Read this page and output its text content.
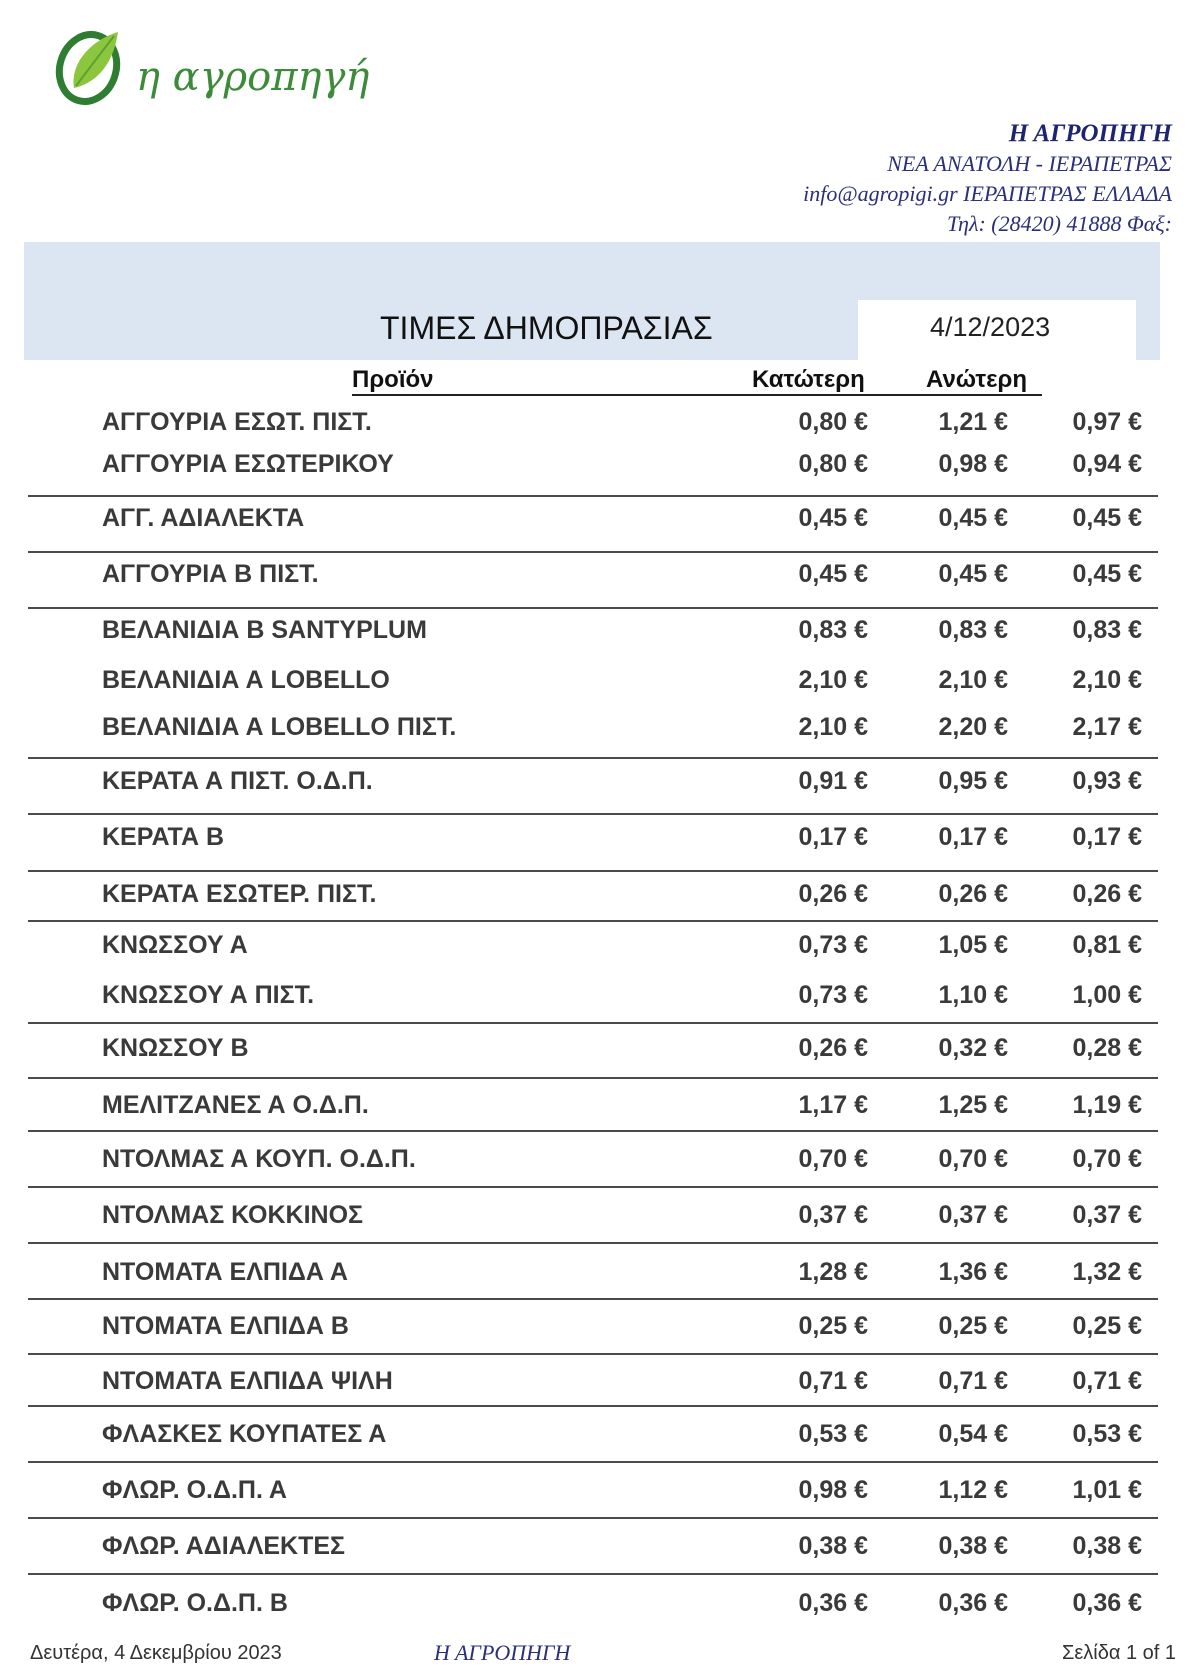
η αγροπηγή
Η ΑΓΡΟΠΗΓΗ
ΝΕΑ ΑΝΑΤΟΛΗ - ΙΕΡΑΠΕΤΡΑΣ
info@agropigi.gr ΙΕΡΑΠΕΤΡΑΣ ΕΛΛΑΔΑ
Τηλ: (28420) 41888 Φαξ:
ΤΙΜΕΣ ΔΗΜΟΠΡΑΣΙΑΣ	4/12/2023
Προϊόν	Κατώτερη	Ανώτερη
ΑΓΓΟΥΡΙΑ ΕΣΩΤ. ΠΙΣΤ.	0,80 €	1,21 €	0,97 €
ΑΓΓΟΥΡΙΑ ΕΣΩΤΕΡΙΚΟΥ	0,80 €	0,98 €	0,94 €
ΑΓΓ. ΑΔΙΑΛΕΚΤΑ	0,45 €	0,45 €	0,45 €
ΑΓΓΟΥΡΙΑ Β ΠΙΣΤ.	0,45 €	0,45 €	0,45 €
ΒΕΛΑΝΙΔΙΑ Β SANTYPLUM	0,83 €	0,83 €	0,83 €
ΒΕΛΑΝΙΔΙΑ Α LOBELLO	2,10 €	2,10 €	2,10 €
ΒΕΛΑΝΙΔΙΑ Α LOBELLO ΠΙΣΤ.	2,10 €	2,20 €	2,17 €
ΚΕΡΑΤΑ Α ΠΙΣΤ. Ο.Δ.Π.	0,91 €	0,95 €	0,93 €
ΚΕΡΑΤΑ Β	0,17 €	0,17 €	0,17 €
ΚΕΡΑΤΑ ΕΣΩΤΕΡ. ΠΙΣΤ.	0,26 €	0,26 €	0,26 €
ΚΝΩΣΣΟΥ Α	0,73 €	1,05 €	0,81 €
ΚΝΩΣΣΟΥ Α ΠΙΣΤ.	0,73 €	1,10 €	1,00 €
ΚΝΩΣΣΟΥ Β	0,26 €	0,32 €	0,28 €
ΜΕΛΙΤΖΑΝΕΣ Α Ο.Δ.Π.	1,17 €	1,25 €	1,19 €
ΝΤΟΛΜΑΣ Α ΚΟΥΠ. Ο.Δ.Π.	0,70 €	0,70 €	0,70 €
ΝΤΟΛΜΑΣ ΚΟΚΚΙΝΟΣ	0,37 €	0,37 €	0,37 €
ΝΤΟΜΑΤΑ ΕΛΠΙΔΑ Α	1,28 €	1,36 €	1,32 €
ΝΤΟΜΑΤΑ ΕΛΠΙΔΑ Β	0,25 €	0,25 €	0,25 €
ΝΤΟΜΑΤΑ ΕΛΠΙΔΑ ΨΙΛΗ	0,71 €	0,71 €	0,71 €
ΦΛΑΣΚΕΣ ΚΟΥΠΑΤΕΣ Α	0,53 €	0,54 €	0,53 €
ΦΛΩΡ. Ο.Δ.Π. Α	0,98 €	1,12 €	1,01 €
ΦΛΩΡ. ΑΔΙΑΛΕΚΤΕΣ	0,38 €	0,38 €	0,38 €
ΦΛΩΡ. Ο.Δ.Π. Β	0,36 €	0,36 €	0,36 €
Δευτέρα, 4 Δεκεμβρίου 2023	Η ΑΓΡΟΠΗΓΗ	Σελίδα 1 of 1
